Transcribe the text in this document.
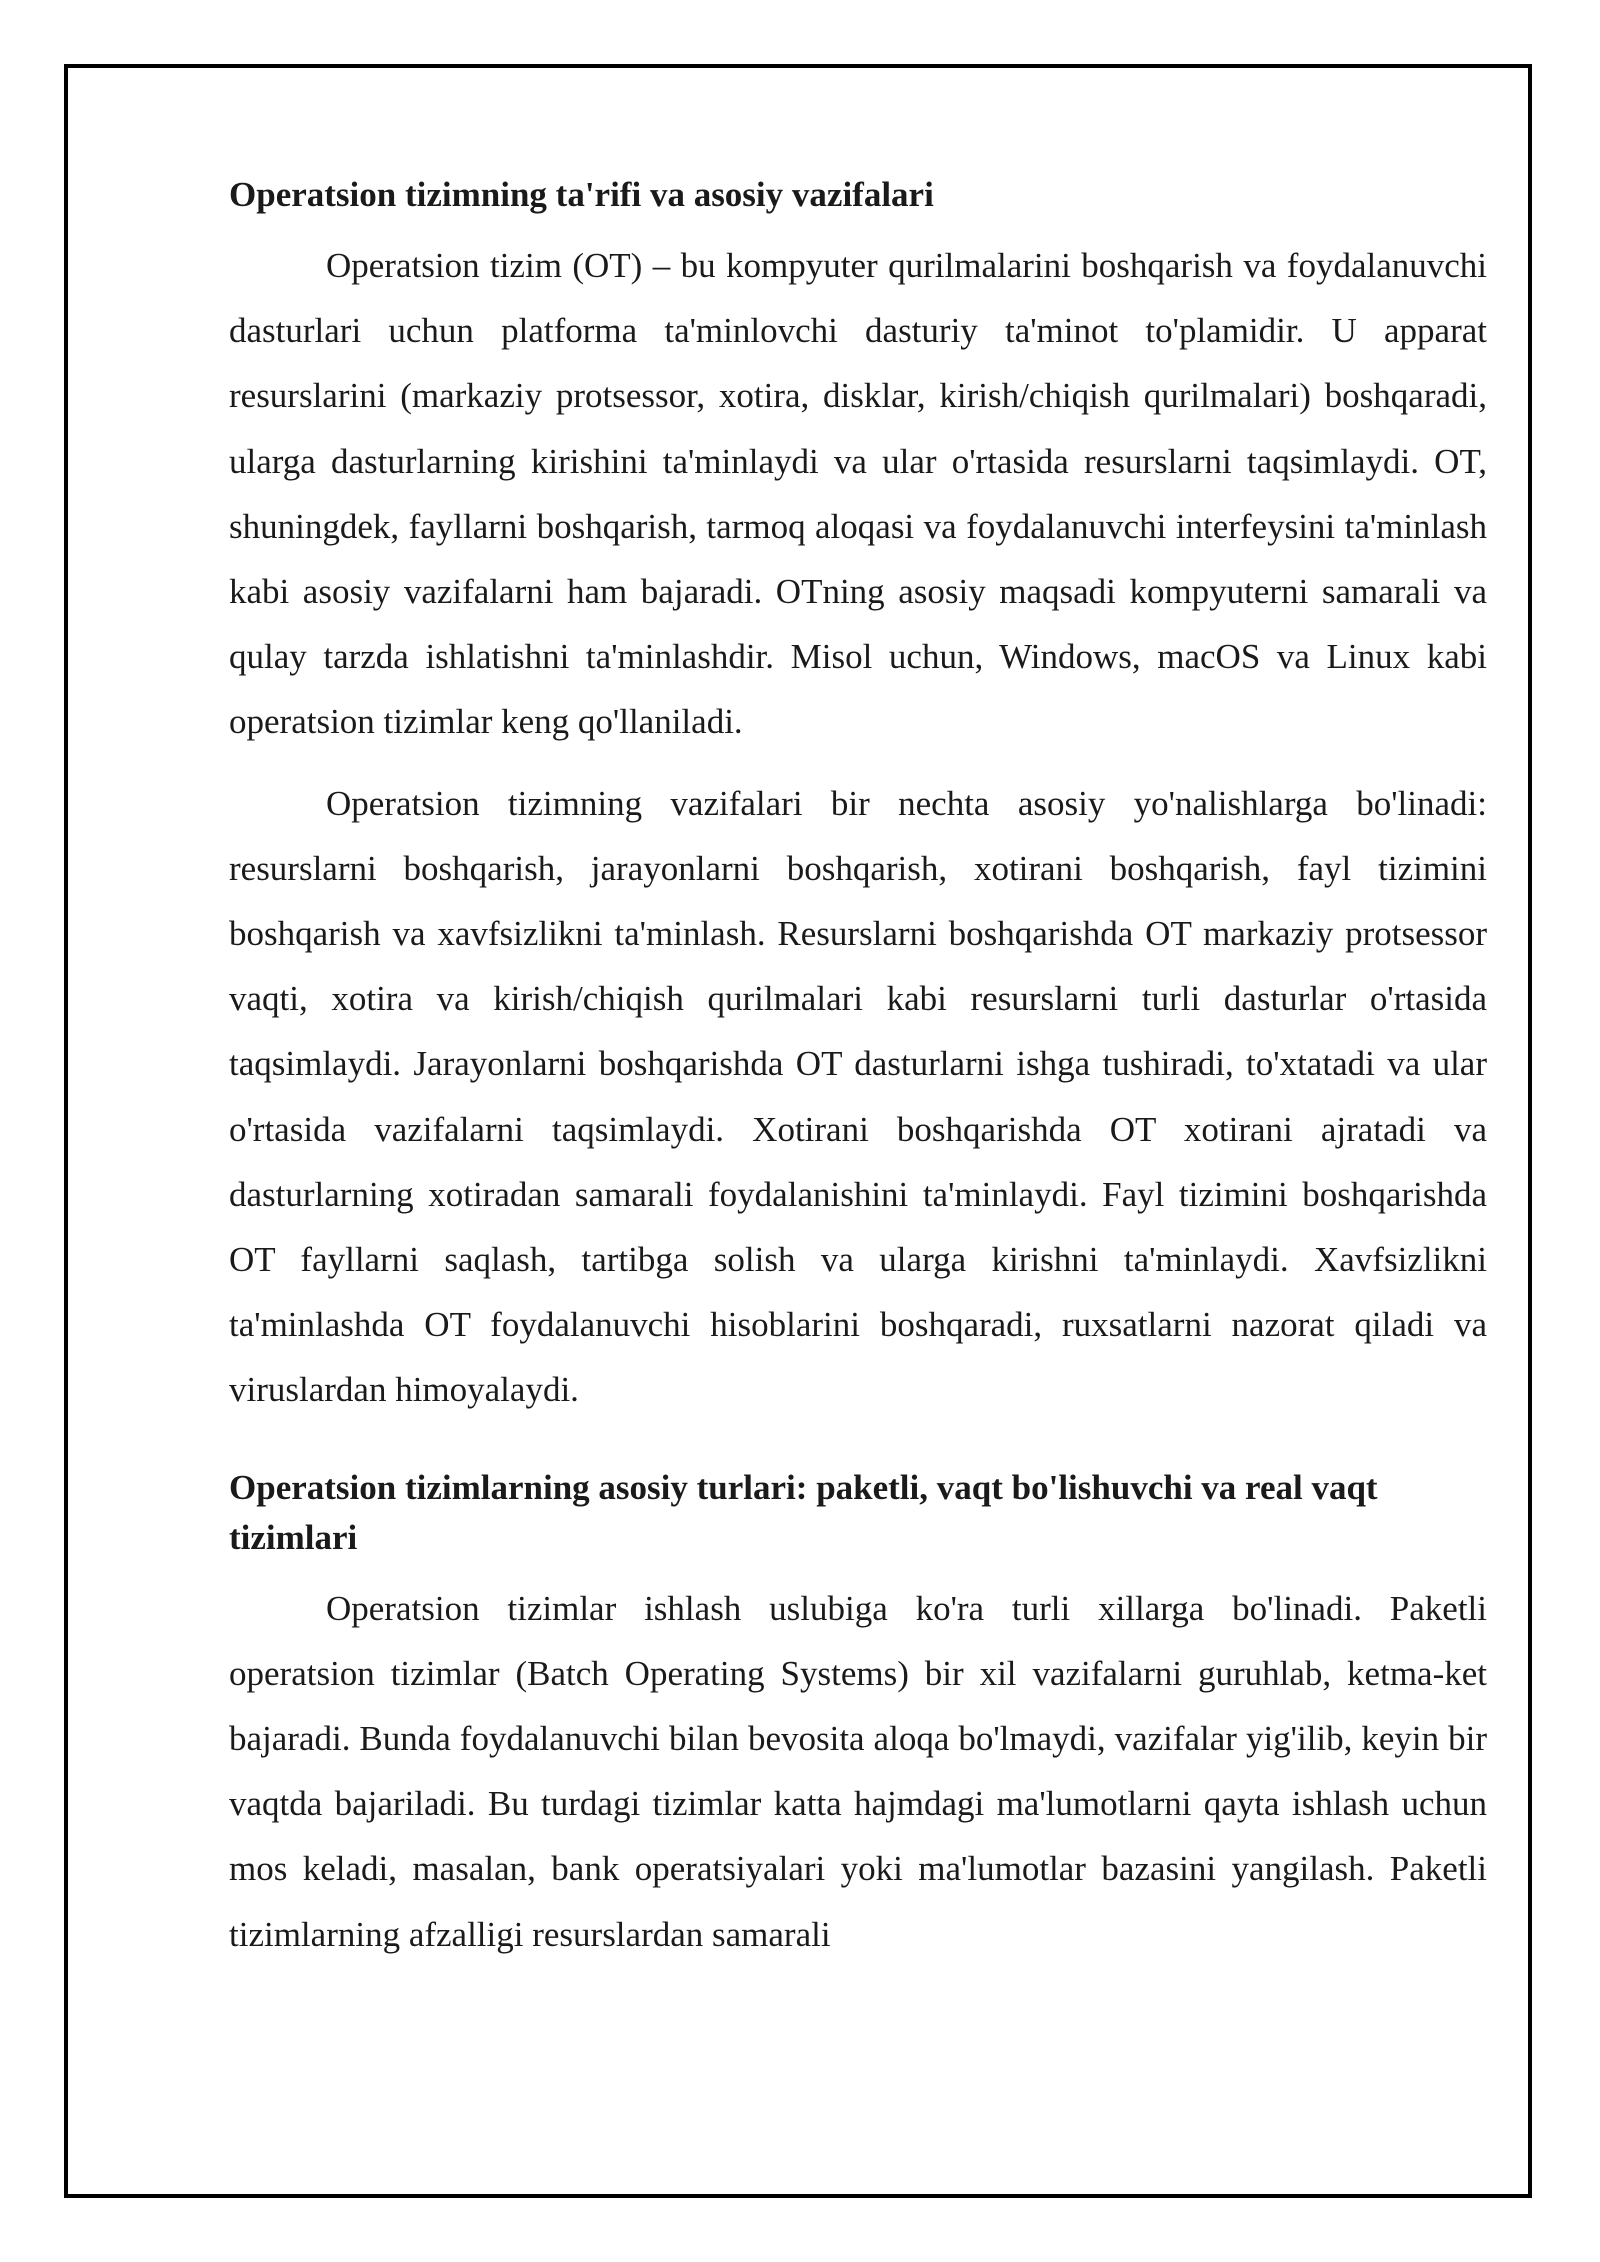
Operatsion tizimning ta'rifi va asosiy vazifalari

Operatsion tizim (OT) – bu kompyuter qurilmalarini boshqarish va foydalanuvchi dasturlari uchun platforma ta'minlovchi dasturiy ta'minot to'plamidir. U apparat resurslarini (markaziy protsessor, xotira, disklar, kirish/chiqish qurilmalari) boshqaradi, ularga dasturlarning kirishini ta'minlaydi va ular o'rtasida resurslarni taqsimlaydi. OT, shuningdek, fayllarni boshqarish, tarmoq aloqasi va foydalanuvchi interfeysini ta'minlash kabi asosiy vazifalarni ham bajaradi. OTning asosiy maqsadi kompyuterni samarali va qulay tarzda ishlatishni ta'minlashdir. Misol uchun, Windows, macOS va Linux kabi operatsion tizimlar keng qo'llaniladi.

Operatsion tizimning vazifalari bir nechta asosiy yo'nalishlarga bo'linadi: resurslarni boshqarish, jarayonlarni boshqarish, xotirani boshqarish, fayl tizimini boshqarish va xavfsizlikni ta'minlash. Resurslarni boshqarishda OT markaziy protsessor vaqti, xotira va kirish/chiqish qurilmalari kabi resurslarni turli dasturlar o'rtasida taqsimlaydi. Jarayonlarni boshqarishda OT dasturlarni ishga tushiradi, to'xtatadi va ular o'rtasida vazifalarni taqsimlaydi. Xotirani boshqarishda OT xotirani ajratadi va dasturlarning xotiradan samarali foydalanishini ta'minlaydi. Fayl tizimini boshqarishda OT fayllarni saqlash, tartibga solish va ularga kirishni ta'minlaydi. Xavfsizlikni ta'minlashda OT foydalanuvchi hisoblarini boshqaradi, ruxsatlarni nazorat qiladi va viruslardan himoyalaydi.

Operatsion tizimlarning asosiy turlari: paketli, vaqt bo'lishuvchi va real vaqt tizimlari

Operatsion tizimlar ishlash uslubiga ko'ra turli xillarga bo'linadi. Paketli operatsion tizimlar (Batch Operating Systems) bir xil vazifalarni guruhlab, ketma-ket bajaradi. Bunda foydalanuvchi bilan bevosita aloqa bo'lmaydi, vazifalar yig'ilib, keyin bir vaqtda bajariladi. Bu turdagi tizimlar katta hajmdagi ma'lumotlarni qayta ishlash uchun mos keladi, masalan, bank operatsiyalari yoki ma'lumotlar bazasini yangilash. Paketli tizimlarning afzalligi resurslardan samarali
